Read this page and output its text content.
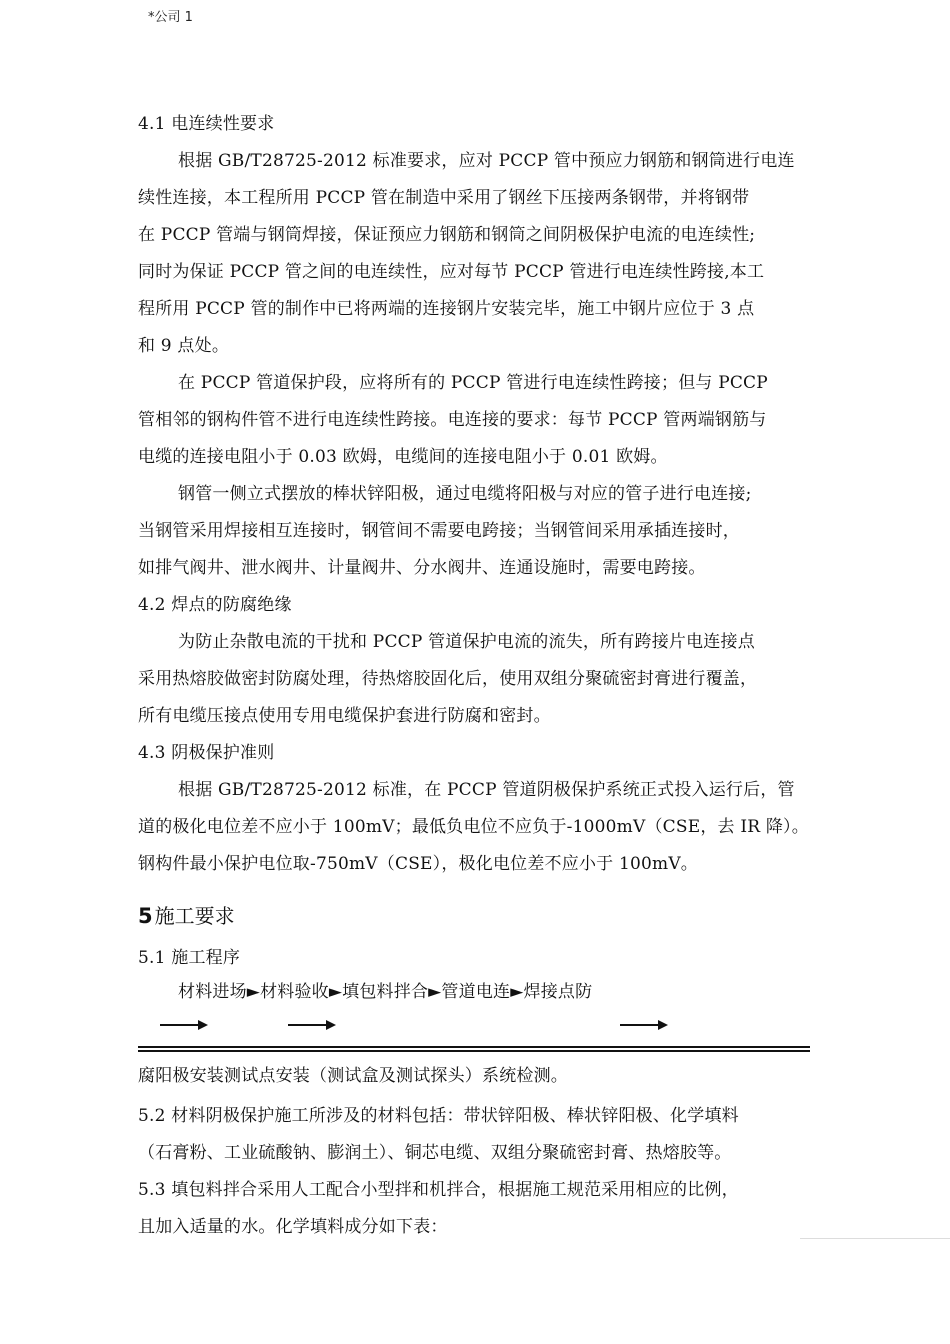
*公司 1
4.1 电连续性要求
根据 GB/T28725-2012 标准要求，应对 PCCP 管中预应力钢筋和钢筒进行电连
续性连接，本工程所用 PCCP 管在制造中采用了钢丝下压接两条钢带，并将钢带
在 PCCP 管端与钢筒焊接，保证预应力钢筋和钢筒之间阴极保护电流的电连续性;
同时为保证 PCCP 管之间的电连续性，应对每节 PCCP 管进行电连续性跨接,本工
程所用 PCCP 管的制作中已将两端的连接钢片安装完毕，施工中钢片应位于 3 点
和 9 点处。
在 PCCP 管道保护段，应将所有的 PCCP 管进行电连续性跨接；但与 PCCP
管相邻的钢构件管不进行电连续性跨接。电连接的要求：每节 PCCP 管两端钢筋与
电缆的连接电阻小于 0.03 欧姆，电缆间的连接电阻小于 0.01 欧姆。
钢管一侧立式摆放的棒状锌阳极，通过电缆将阳极与对应的管子进行电连接;
当钢管采用焊接相互连接时，钢管间不需要电跨接；当钢管间采用承插连接时，
如排气阀井、泄水阀井、计量阀井、分水阀井、连通设施时，需要电跨接。
4.2 焊点的防腐绝缘
为防止杂散电流的干扰和 PCCP 管道保护电流的流失，所有跨接片电连接点
采用热熔胶做密封防腐处理，待热熔胶固化后，使用双组分聚硫密封膏进行覆盖，
所有电缆压接点使用专用电缆保护套进行防腐和密封。
4.3 阴极保护准则
根据 GB/T28725-2012 标准，在 PCCP 管道阴极保护系统正式投入运行后，管
道的极化电位差不应小于 100mV；最低负电位不应负于-1000mV（CSE，去 IR 降）。
钢构件最小保护电位取-750mV（CSE），极化电位差不应小于 100mV。
5.1 施工程序
材料进场►材料验收►填包料拌合►管道电连►焊接点防
腐阳极安装测试点安装（测试盒及测试探头）系统检测。
5.2 材料阴极保护施工所涉及的材料包括：带状锌阳极、棒状锌阳极、化学填料
（石膏粉、工业硫酸钠、膨润土）、铜芯电缆、双组分聚硫密封膏、热熔胶等。
5.3 填包料拌合采用人工配合小型拌和机拌合，根据施工规范采用相应的比例，
且加入适量的水。化学填料成分如下表：
5 施工要求
